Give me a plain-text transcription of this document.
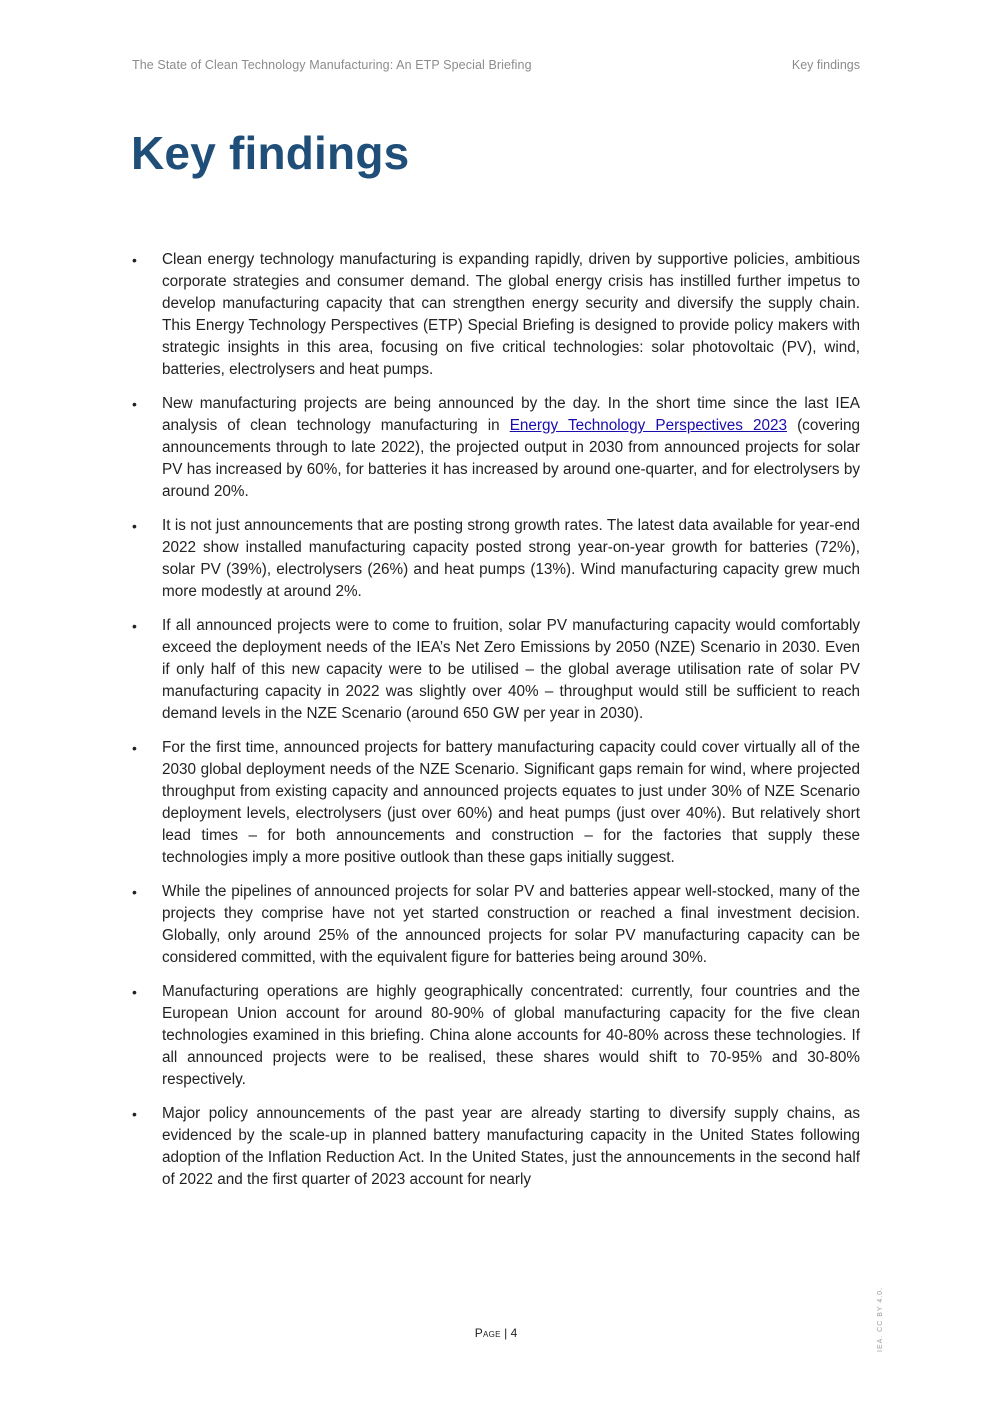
The State of Clean Technology Manufacturing: An ETP Special Briefing	Key findings
Key findings
•	Clean energy technology manufacturing is expanding rapidly, driven by supportive policies, ambitious corporate strategies and consumer demand. The global energy crisis has instilled further impetus to develop manufacturing capacity that can strengthen energy security and diversify the supply chain. This Energy Technology Perspectives (ETP) Special Briefing is designed to provide policy makers with strategic insights in this area, focusing on five critical technologies: solar photovoltaic (PV), wind, batteries, electrolysers and heat pumps.
•	New manufacturing projects are being announced by the day. In the short time since the last IEA analysis of clean technology manufacturing in Energy Technology Perspectives 2023 (covering announcements through to late 2022), the projected output in 2030 from announced projects for solar PV has increased by 60%, for batteries it has increased by around one-quarter, and for electrolysers by around 20%.
•	It is not just announcements that are posting strong growth rates. The latest data available for year-end 2022 show installed manufacturing capacity posted strong year-on-year growth for batteries (72%), solar PV (39%), electrolysers (26%) and heat pumps (13%). Wind manufacturing capacity grew much more modestly at around 2%.
•	If all announced projects were to come to fruition, solar PV manufacturing capacity would comfortably exceed the deployment needs of the IEA’s Net Zero Emissions by 2050 (NZE) Scenario in 2030. Even if only half of this new capacity were to be utilised – the global average utilisation rate of solar PV manufacturing capacity in 2022 was slightly over 40% – throughput would still be sufficient to reach demand levels in the NZE Scenario (around 650 GW per year in 2030).
•	For the first time, announced projects for battery manufacturing capacity could cover virtually all of the 2030 global deployment needs of the NZE Scenario. Significant gaps remain for wind, where projected throughput from existing capacity and announced projects equates to just under 30% of NZE Scenario deployment levels, electrolysers (just over 60%) and heat pumps (just over 40%). But relatively short lead times – for both announcements and construction – for the factories that supply these technologies imply a more positive outlook than these gaps initially suggest.
•	While the pipelines of announced projects for solar PV and batteries appear well-stocked, many of the projects they comprise have not yet started construction or reached a final investment decision. Globally, only around 25% of the announced projects for solar PV manufacturing capacity can be considered committed, with the equivalent figure for batteries being around 30%.
•	Manufacturing operations are highly geographically concentrated: currently, four countries and the European Union account for around 80-90% of global manufacturing capacity for the five clean technologies examined in this briefing. China alone accounts for 40-80% across these technologies. If all announced projects were to be realised, these shares would shift to 70-95% and 30-80% respectively.
•	Major policy announcements of the past year are already starting to diversify supply chains, as evidenced by the scale-up in planned battery manufacturing capacity in the United States following adoption of the Inflation Reduction Act. In the United States, just the announcements in the second half of 2022 and the first quarter of 2023 account for nearly
Page | 4	IEA. CC BY 4.0.
